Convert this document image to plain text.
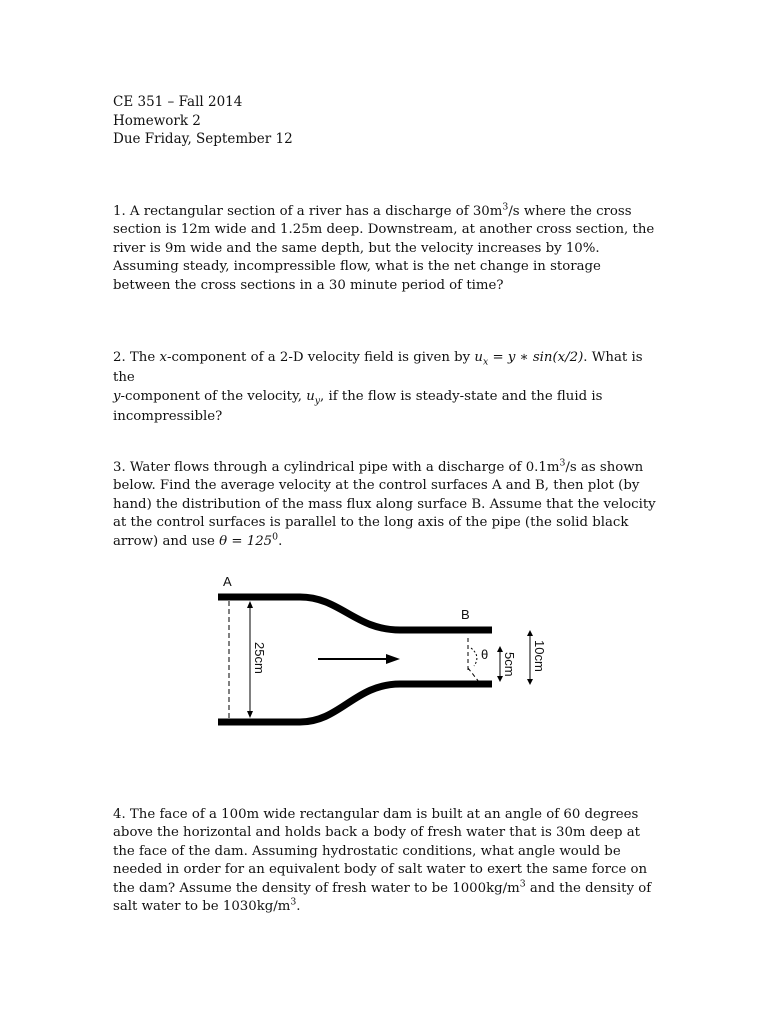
CE 351 – Fall 2014
Homework 2
Due Friday, September 12

1. A rectangular section of a river has a discharge of $30m^3/s$ where the cross section is 12m wide and 1.25m deep. Downstream, at another cross section, the river is 9m wide and the same depth, but the velocity increases by 10%. Assuming steady, incompressible flow, what is the net change in storage between the cross sections in a 30 minute period of time?

2. The x-component of a 2-D velocity field is given by $u_x = y$ ∗ sin(x/2). What is the
y-component of the velocity, $u_y$, if the flow is steady-state and the fluid is incompressible?

3. Water flows through a cylindrical pipe with a discharge of $0.1m^3/s$ as shown below. Find the average velocity at the control surfaces A and B, then plot (by hand) the distribution of the mass flux along surface B. Assume that the velocity at the control surfaces is parallel to the long axis of the pipe (the solid black arrow) and use $\theta = 125^0$.

25cm
A
B
θ 5cm 10cm

4. The face of a 100m wide rectangular dam is built at an angle of 60 degrees above the horizontal and holds back a body of fresh water that is 30m deep at the face of the dam. Assuming hydrostatic conditions, what angle would be needed in order for an equivalent body of salt water to exert the same force on the dam? Assume the density of fresh water to be $1000kg/m^3$ and the density of salt water to be $1030kg/m^3$.
